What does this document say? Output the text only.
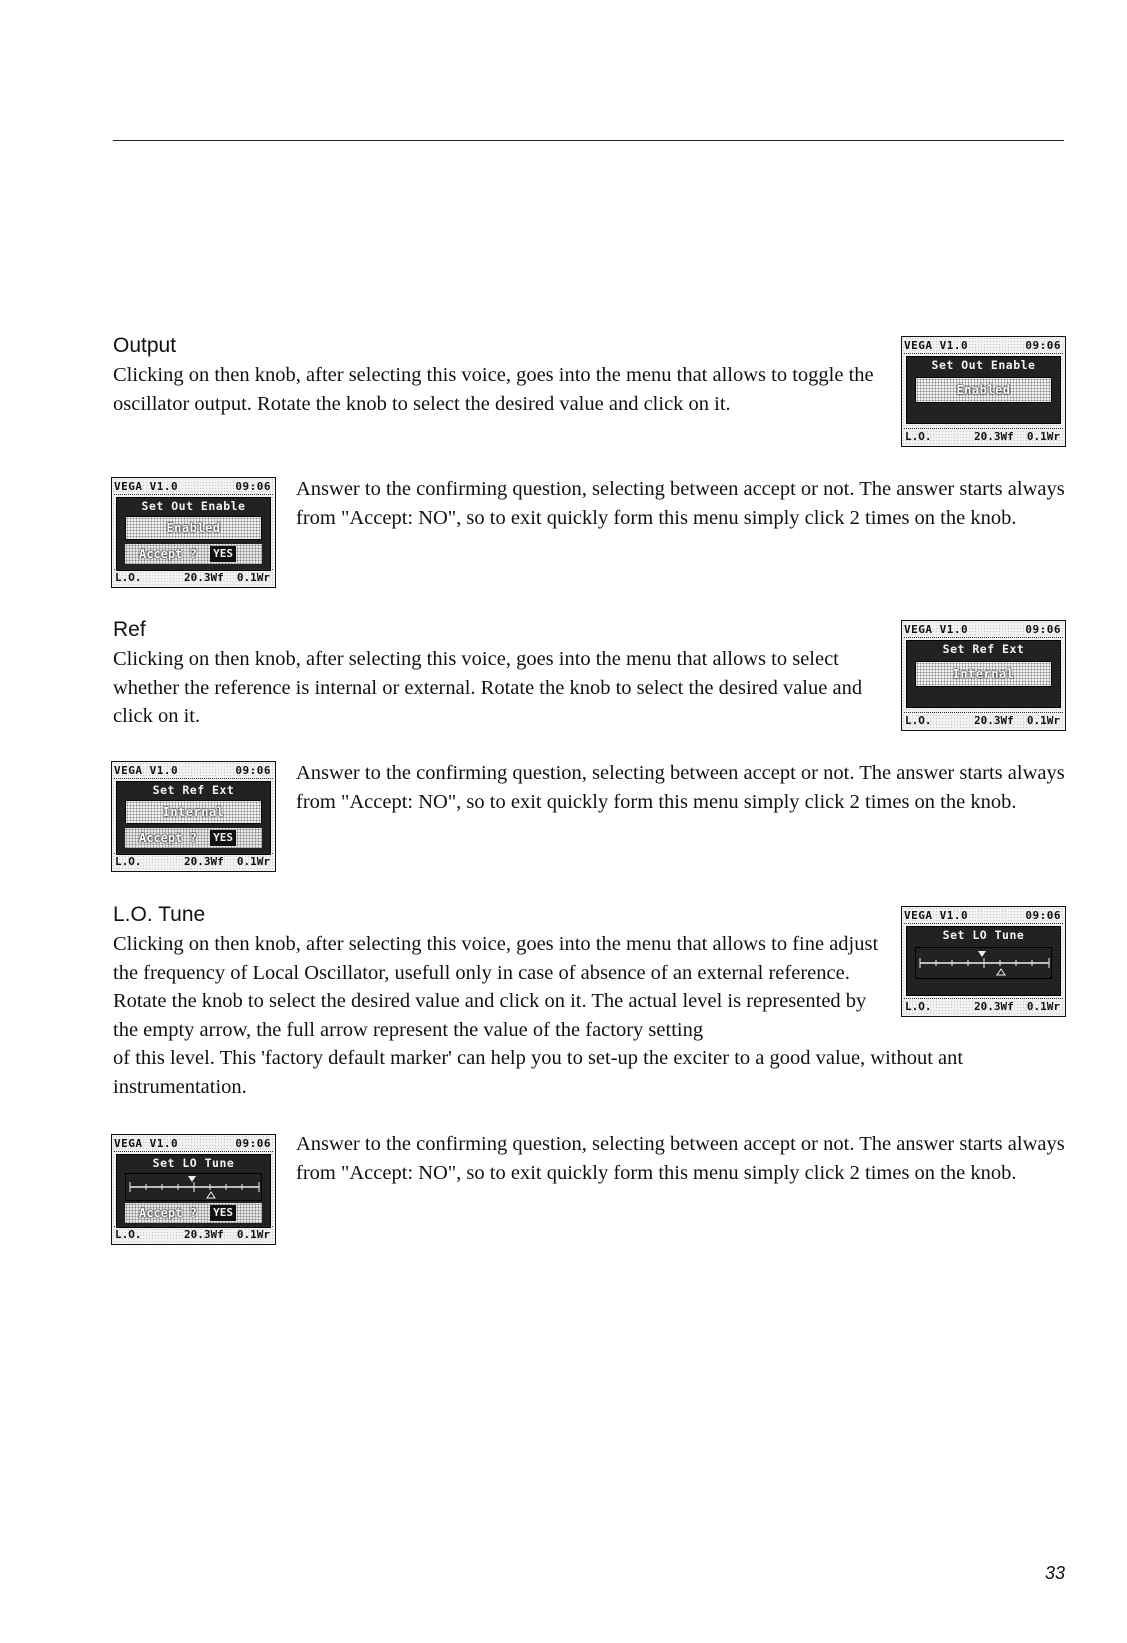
Output

Clicking on then knob, after selecting this voice, goes into the menu that allows to toggle the oscillator output. Rotate the knob to select the desired value and click on it.

VEGA V1.0	09:06
Set Out Enable
Enabled
L.O.	20.3Wf 0.1Wr
VEGA V1.0	09:06
Set Out Enable
Enabled
Accept ? YES
L.O.	20.3Wf 0.1Wr

Answer to the confirming question, selecting between accept or not. The answer starts always from "Accept: NO", so to exit quickly form this menu simply click 2 times on the knob.

Ref

Clicking on then knob, after selecting this voice, goes into the menu that allows to select whether the reference is internal or external. Rotate the knob to select the desired value and click on it.

VEGA V1.0	09:06
Set Ref Ext
Internal
L.O.	20.3Wf 0.1Wr
VEGA V1.0	09:06
Set Ref Ext
Internal
Accept ? YES
L.O.	20.3Wf 0.1Wr

Answer to the confirming question, selecting between accept or not. The answer starts always from "Accept: NO", so to exit quickly form this menu simply click 2 times on the knob.

L.O. Tune

Clicking on then knob, after selecting this voice, goes into the menu that allows to fine adjust the frequency of Local Oscillator, usefull only in case of absence of an external reference. Rotate the knob to select the desired value and click on it. The actual level is represented by the empty arrow, the full arrow represent the value of the factory setting

of this level. This 'factory default marker' can help you to set-up the exciter to a good value, without ant instrumentation.

VEGA V1.0	09:06
Set LO Tune
L.O.	20.3Wf 0.1Wr
VEGA V1.0	09:06
Set LO Tune
Accept ? YES
L.O.	20.3Wf 0.1Wr

Answer to the confirming question, selecting between accept or not. The answer starts always from "Accept: NO", so to exit quickly form this menu simply click 2 times on the knob.

33
